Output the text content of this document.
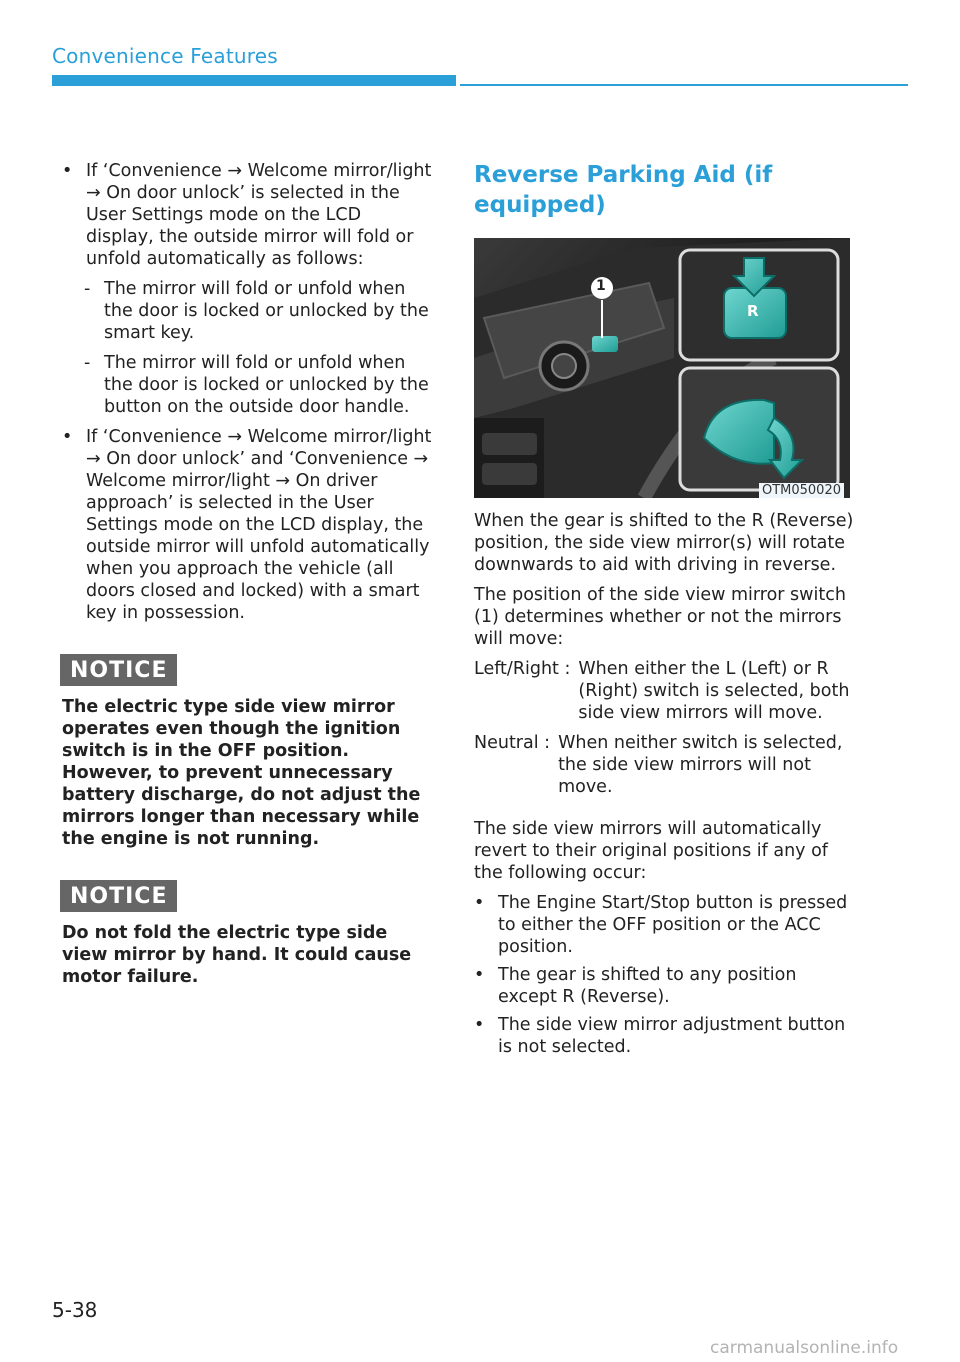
Convenience Features
• If ‘Convenience → Welcome mirror/light → On door unlock’ is selected in the User Settings mode on the LCD display, the outside mirror will fold or unfold automatically as follows:
- The mirror will fold or unfold when the door is locked or unlocked by the smart key.
- The mirror will fold or unfold when the door is locked or unlocked by the button on the outside door handle.
• If ‘Convenience → Welcome mirror/light → On door unlock’ and ‘Convenience → Welcome mirror/light → On driver approach’ is selected in the User Settings mode on the LCD display, the outside mirror will unfold automatically when you approach the vehicle (all doors closed and locked) with a smart key in possession.
NOTICE
The electric type side view mirror operates even though the ignition switch is in the OFF position. However, to prevent unnecessary battery discharge, do not adjust the mirrors longer than necessary while the engine is not running.
NOTICE
Do not fold the electric type side view mirror by hand. It could cause motor failure.
Reverse Parking Aid (if equipped)
1
R
OTM050020

When the gear is shifted to the R (Reverse) position, the side view mirror(s) will rotate downwards to aid with driving in reverse.

The position of the side view mirror switch (1) determines whether or not the mirrors will move:

Left/Right : When either the L (Left) or R (Right) switch is selected, both side view mirrors will move.
Neutral : When neither switch is selected, the side view mirrors will not move.

The side view mirrors will automatically revert to their original positions if any of the following occur:

• The Engine Start/Stop button is pressed to either the OFF position or the ACC position.
• The gear is shifted to any position except R (Reverse).
• The side view mirror adjustment button is not selected.
5-38
carmanualsonline.info
